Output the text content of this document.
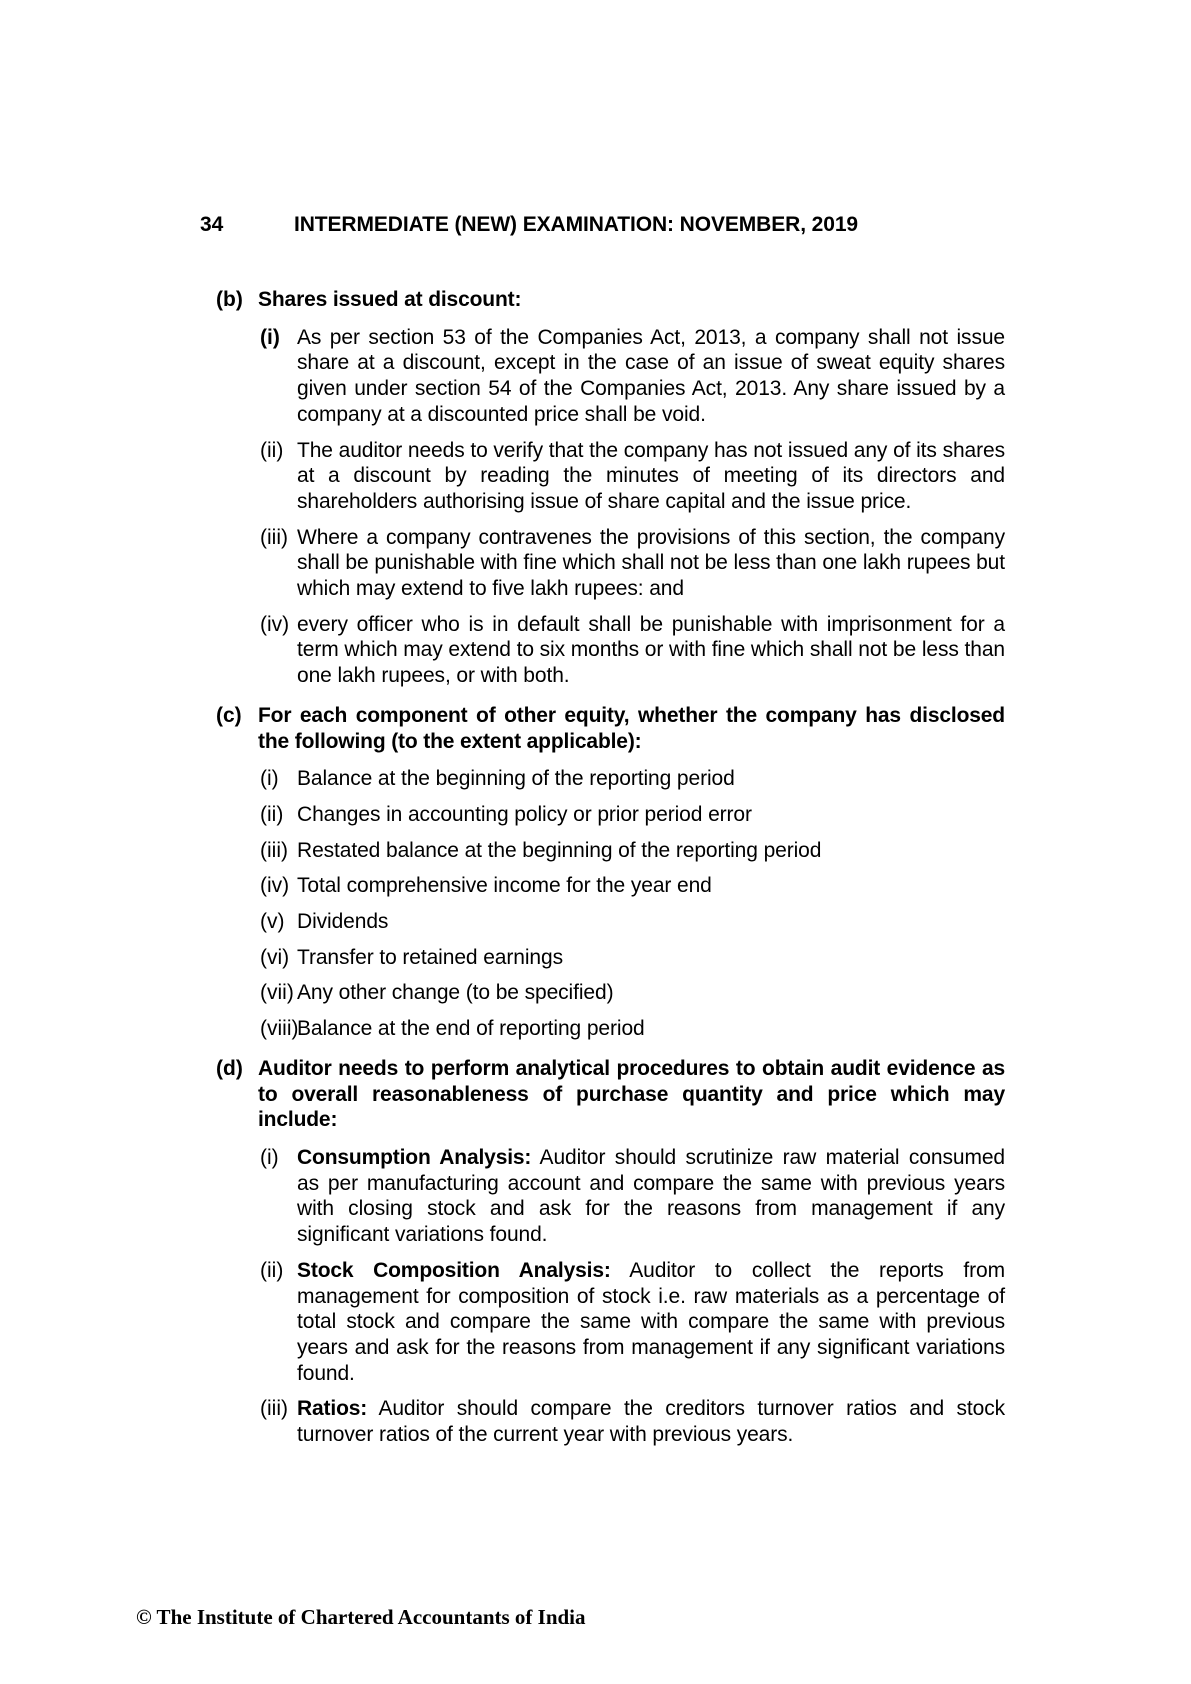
34	INTERMEDIATE (NEW) EXAMINATION: NOVEMBER, 2019
(b) Shares issued at discount:
(i) As per section 53 of the Companies Act, 2013, a company shall not issue share at a discount, except in the case of an issue of sweat equity shares given under section 54 of the Companies Act, 2013. Any share issued by a company at a discounted price shall be void.
(ii) The auditor needs to verify that the company has not issued any of its shares at a discount by reading the minutes of meeting of its directors and shareholders authorising issue of share capital and the issue price.
(iii) Where a company contravenes the provisions of this section, the company shall be punishable with fine which shall not be less than one lakh rupees but which may extend to five lakh rupees: and
(iv) every officer who is in default shall be punishable with imprisonment for a term which may extend to six months or with fine which shall not be less than one lakh rupees, or with both.
(c) For each component of other equity, whether the company has disclosed the following (to the extent applicable):
(i) Balance at the beginning of the reporting period
(ii) Changes in accounting policy or prior period error
(iii) Restated balance at the beginning of the reporting period
(iv) Total comprehensive income for the year end
(v) Dividends
(vi) Transfer to retained earnings
(vii) Any other change (to be specified)
(viii)
Balance at the end of reporting period
(d) Auditor needs to perform analytical procedures to obtain audit evidence as to overall reasonableness of purchase quantity and price which may include:
(i) Consumption Analysis: Auditor should scrutinize raw material consumed as per manufacturing account and compare the same with previous years with closing stock and ask for the reasons from management if any significant variations found.
(ii) Stock Composition Analysis: Auditor to collect the reports from management for composition of stock i.e. raw materials as a percentage of total stock and compare the same with compare the same with previous years and ask for the reasons from management if any significant variations found.
(iii) Ratios: Auditor should compare the creditors turnover ratios and stock turnover ratios of the current year with previous years.
© The Institute of Chartered Accountants of India
